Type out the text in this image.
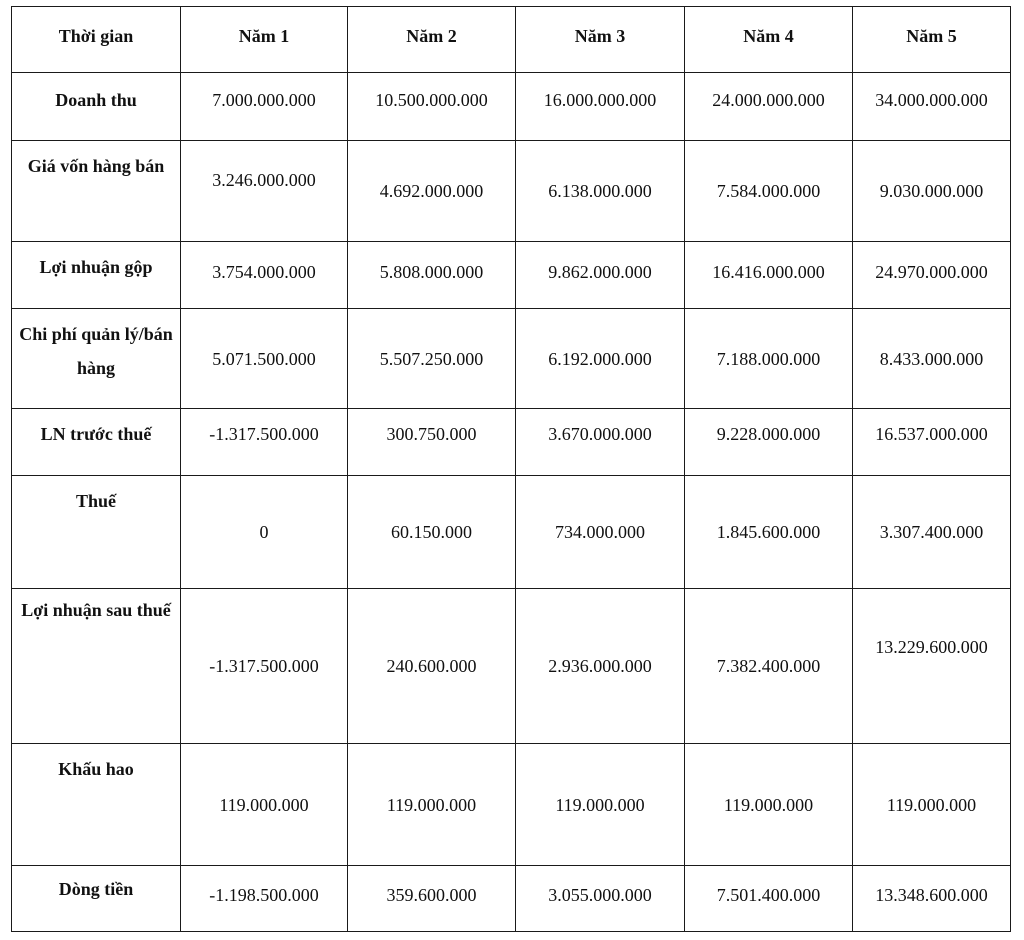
Thời gian	Năm 1	Năm 2	Năm 3	Năm 4	Năm 5
Doanh thu	7.000.000.000	10.500.000.000	16.000.000.000	24.000.000.000	34.000.000.000
Giá vốn hàng bán	3.246.000.000	4.692.000.000	6.138.000.000	7.584.000.000	9.030.000.000
Lợi nhuận gộp	3.754.000.000	5.808.000.000	9.862.000.000	16.416.000.000	24.970.000.000
Chi phí quản lý/bán hàng	5.071.500.000	5.507.250.000	6.192.000.000	7.188.000.000	8.433.000.000
LN trước thuế	-1.317.500.000	300.750.000	3.670.000.000	9.228.000.000	16.537.000.000
Thuế	0	60.150.000	734.000.000	1.845.600.000	3.307.400.000
Lợi nhuận sau thuế	-1.317.500.000	240.600.000	2.936.000.000	7.382.400.000	13.229.600.000
Khấu hao	119.000.000	119.000.000	119.000.000	119.000.000	119.000.000
Dòng tiền	-1.198.500.000	359.600.000	3.055.000.000	7.501.400.000	13.348.600.000
